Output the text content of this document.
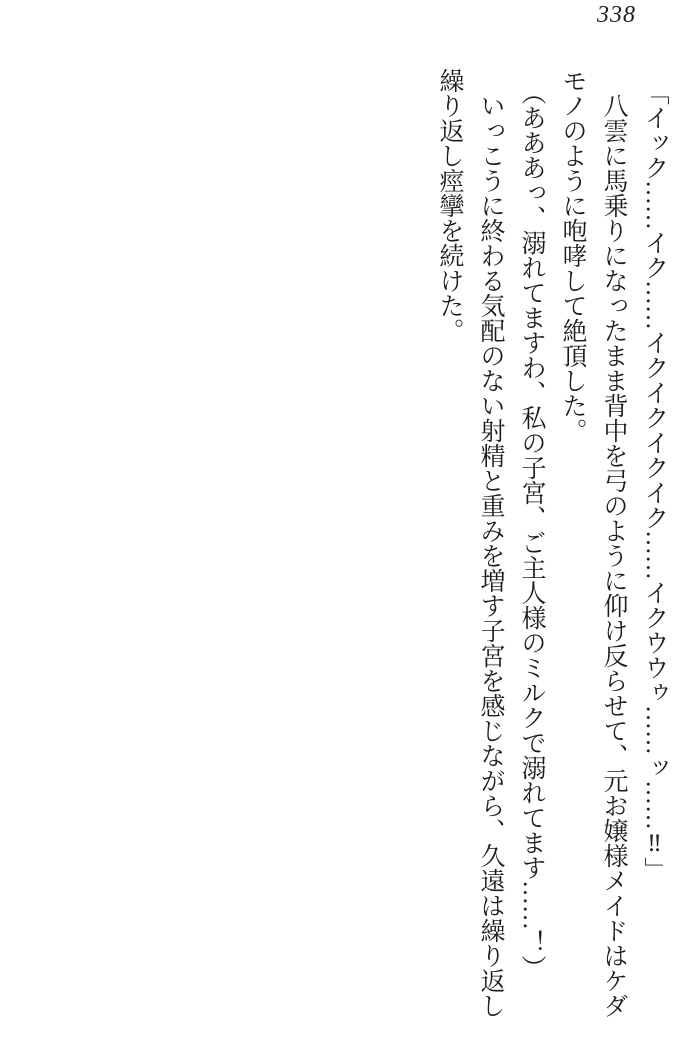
338

「イック……イク……イクイクイクイク……イクウウゥ……ッ……‼」

八雲に馬乗りになったまま背中を弓のように仰け反らせて、元お嬢様メイドはケダモノのように咆哮して絶頂した。

（あああっ、溺れてますわ、私の子宮、ご主人様のミルクで溺れてます……！）

いっこうに終わる気配のない射精と重みを増す子宮を感じながら、久遠は繰り返し繰り返し痙攣を続けた。
